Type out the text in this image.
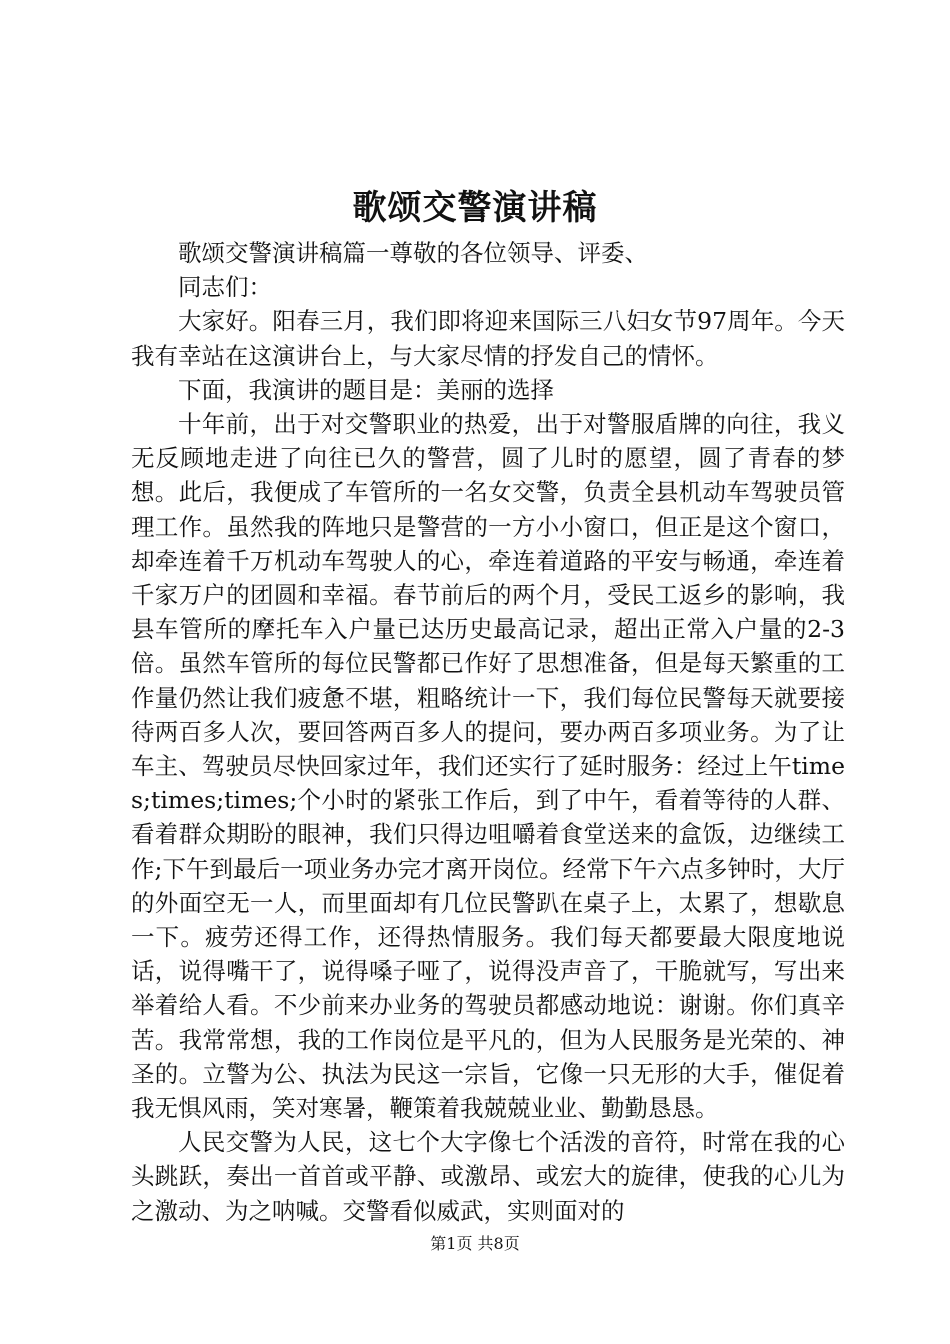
歌颂交警演讲稿

歌颂交警演讲稿篇一尊敬的各位领导、评委、

同志们：

大家好。阳春三月，我们即将迎来国际三八妇女节97周年。今天我有幸站在这演讲台上，与大家尽情的抒发自己的情怀。

下面，我演讲的题目是：美丽的选择

十年前，出于对交警职业的热爱，出于对警服盾牌的向往，我义无反顾地走进了向往已久的警营，圆了儿时的愿望，圆了青春的梦想。此后，我便成了车管所的一名女交警，负责全县机动车驾驶员管理工作。虽然我的阵地只是警营的一方小小窗口，但正是这个窗口，却牵连着千万机动车驾驶人的心，牵连着道路的平安与畅通，牵连着千家万户的团圆和幸福。春节前后的两个月，受民工返乡的影响，我县车管所的摩托车入户量已达历史最高记录，超出正常入户量的2-3倍。虽然车管所的每位民警都已作好了思想准备，但是每天繁重的工作量仍然让我们疲惫不堪，粗略统计一下，我们每位民警每天就要接待两百多人次，要回答两百多人的提问，要办两百多项业务。为了让车主、驾驶员尽快回家过年，我们还实行了延时服务：经过上午times;times;times;个小时的紧张工作后，到了中午，看着等待的人群、看着群众期盼的眼神，我们只得边咀嚼着食堂送来的盒饭，边继续工作;下午到最后一项业务办完才离开岗位。经常下午六点多钟时，大厅的外面空无一人，而里面却有几位民警趴在桌子上，太累了，想歇息一下。疲劳还得工作，还得热情服务。我们每天都要最大限度地说话，说得嘴干了，说得嗓子哑了，说得没声音了，干脆就写，写出来举着给人看。不少前来办业务的驾驶员都感动地说：谢谢。你们真辛苦。我常常想，我的工作岗位是平凡的，但为人民服务是光荣的、神圣的。立警为公、执法为民这一宗旨，它像一只无形的大手，催促着我无惧风雨，笑对寒暑，鞭策着我兢兢业业、勤勤恳恳。

人民交警为人民，这七个大字像七个活泼的音符，时常在我的心头跳跃，奏出一首首或平静、或激昂、或宏大的旋律，使我的心儿为之激动、为之呐喊。交警看似威武，实则面对的

第1页 共8页
